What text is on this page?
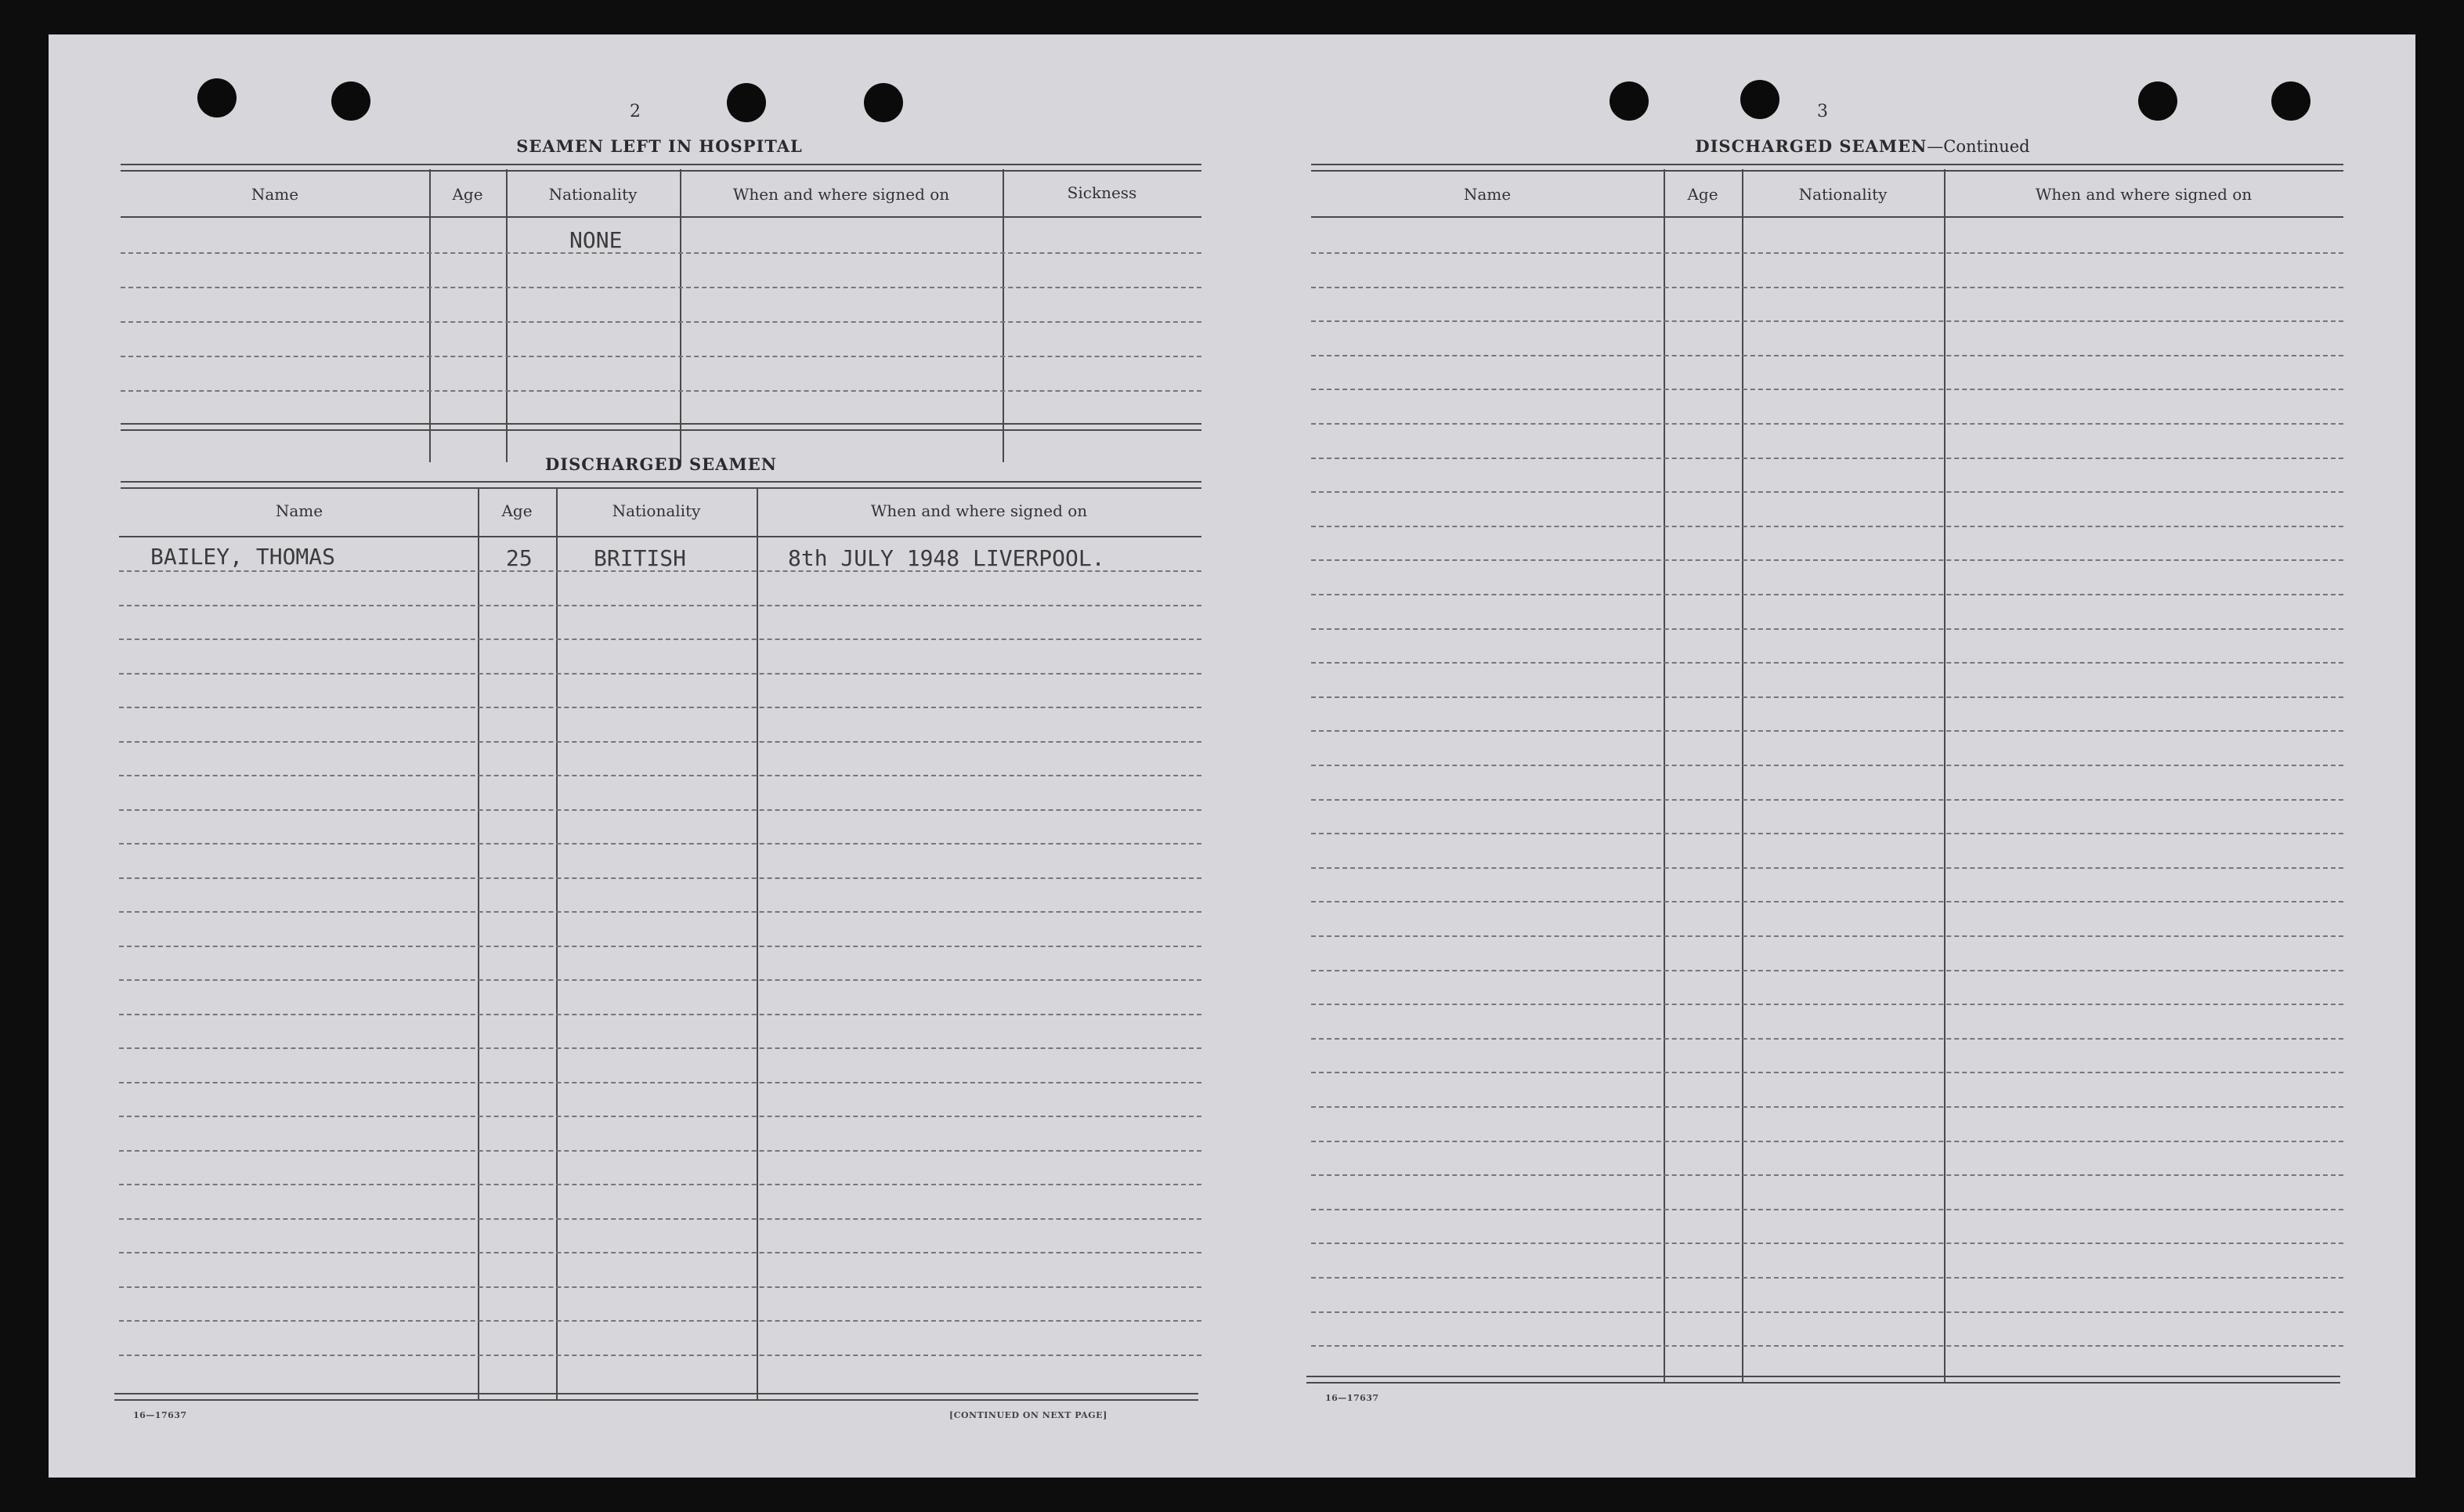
2
SEAMEN LEFT IN HOSPITAL
Name	Age	Nationality	When and where signed on	Sickness
NONE
DISCHARGED SEAMEN
Name	Age	Nationality	When and where signed on
BAILEY, THOMAS	25	BRITISH	8th JULY 1948 LIVERPOOL.
16—17637	[CONTINUED ON NEXT PAGE]
3
DISCHARGED SEAMEN—Continued
Name	Age	Nationality	When and where signed on
16—17637
